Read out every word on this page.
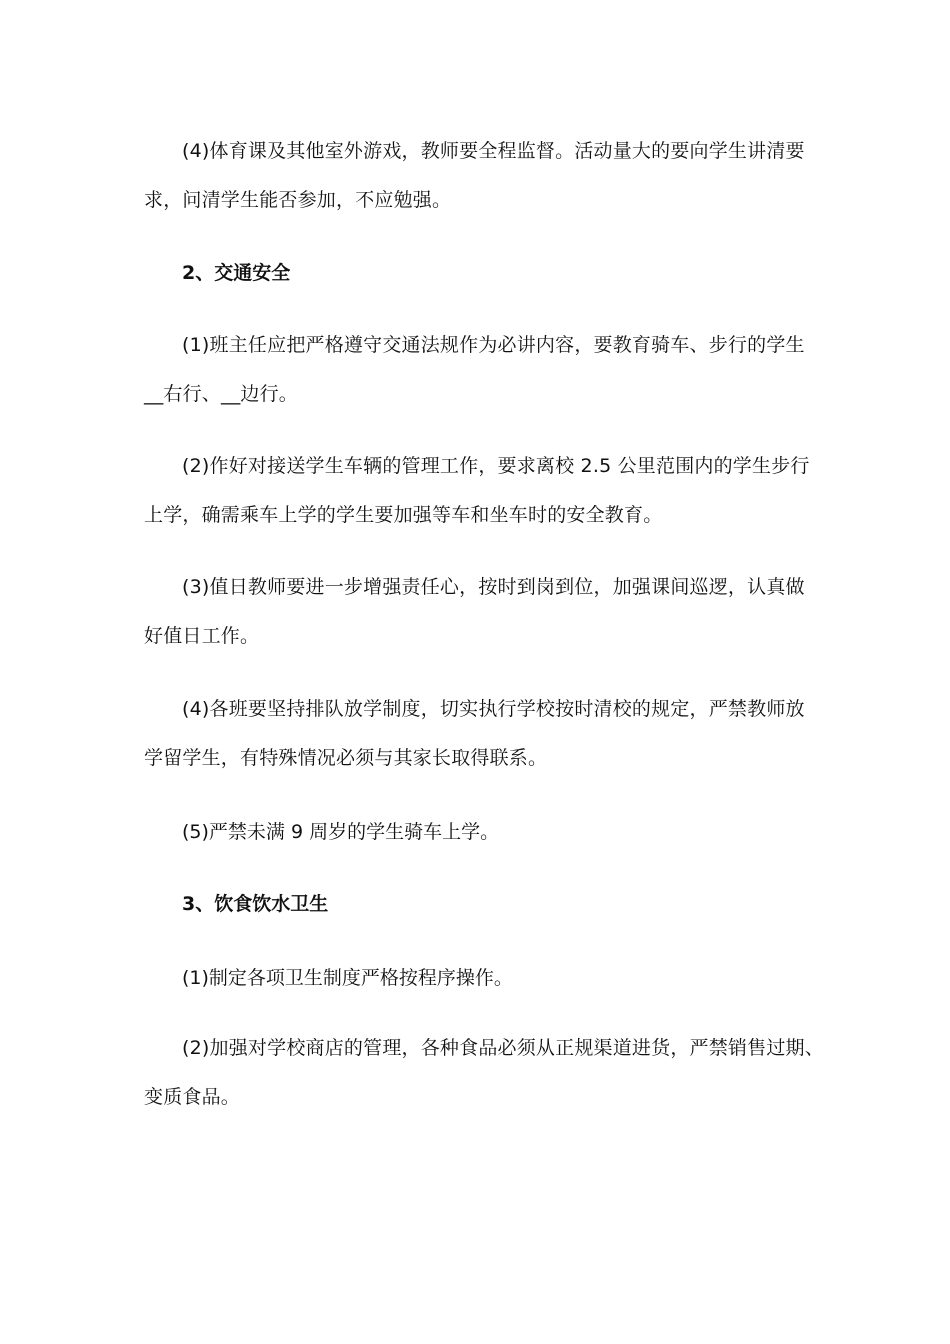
(4)体育课及其他室外游戏，教师要全程监督。活动量大的要向学生讲清要求，问清学生能否参加，不应勉强。

2、交通安全

(1)班主任应把严格遵守交通法规作为必讲内容，要教育骑车、步行的学生__右行、__边行。

(2)作好对接送学生车辆的管理工作，要求离校 2.5 公里范围内的学生步行上学，确需乘车上学的学生要加强等车和坐车时的安全教育。

(3)值日教师要进一步增强责任心，按时到岗到位，加强课间巡逻，认真做好值日工作。

(4)各班要坚持排队放学制度，切实执行学校按时清校的规定，严禁教师放学留学生，有特殊情况必须与其家长取得联系。

(5)严禁未满 9 周岁的学生骑车上学。

3、饮食饮水卫生

(1)制定各项卫生制度严格按程序操作。

(2)加强对学校商店的管理，各种食品必须从正规渠道进货，严禁销售过期、变质食品。
